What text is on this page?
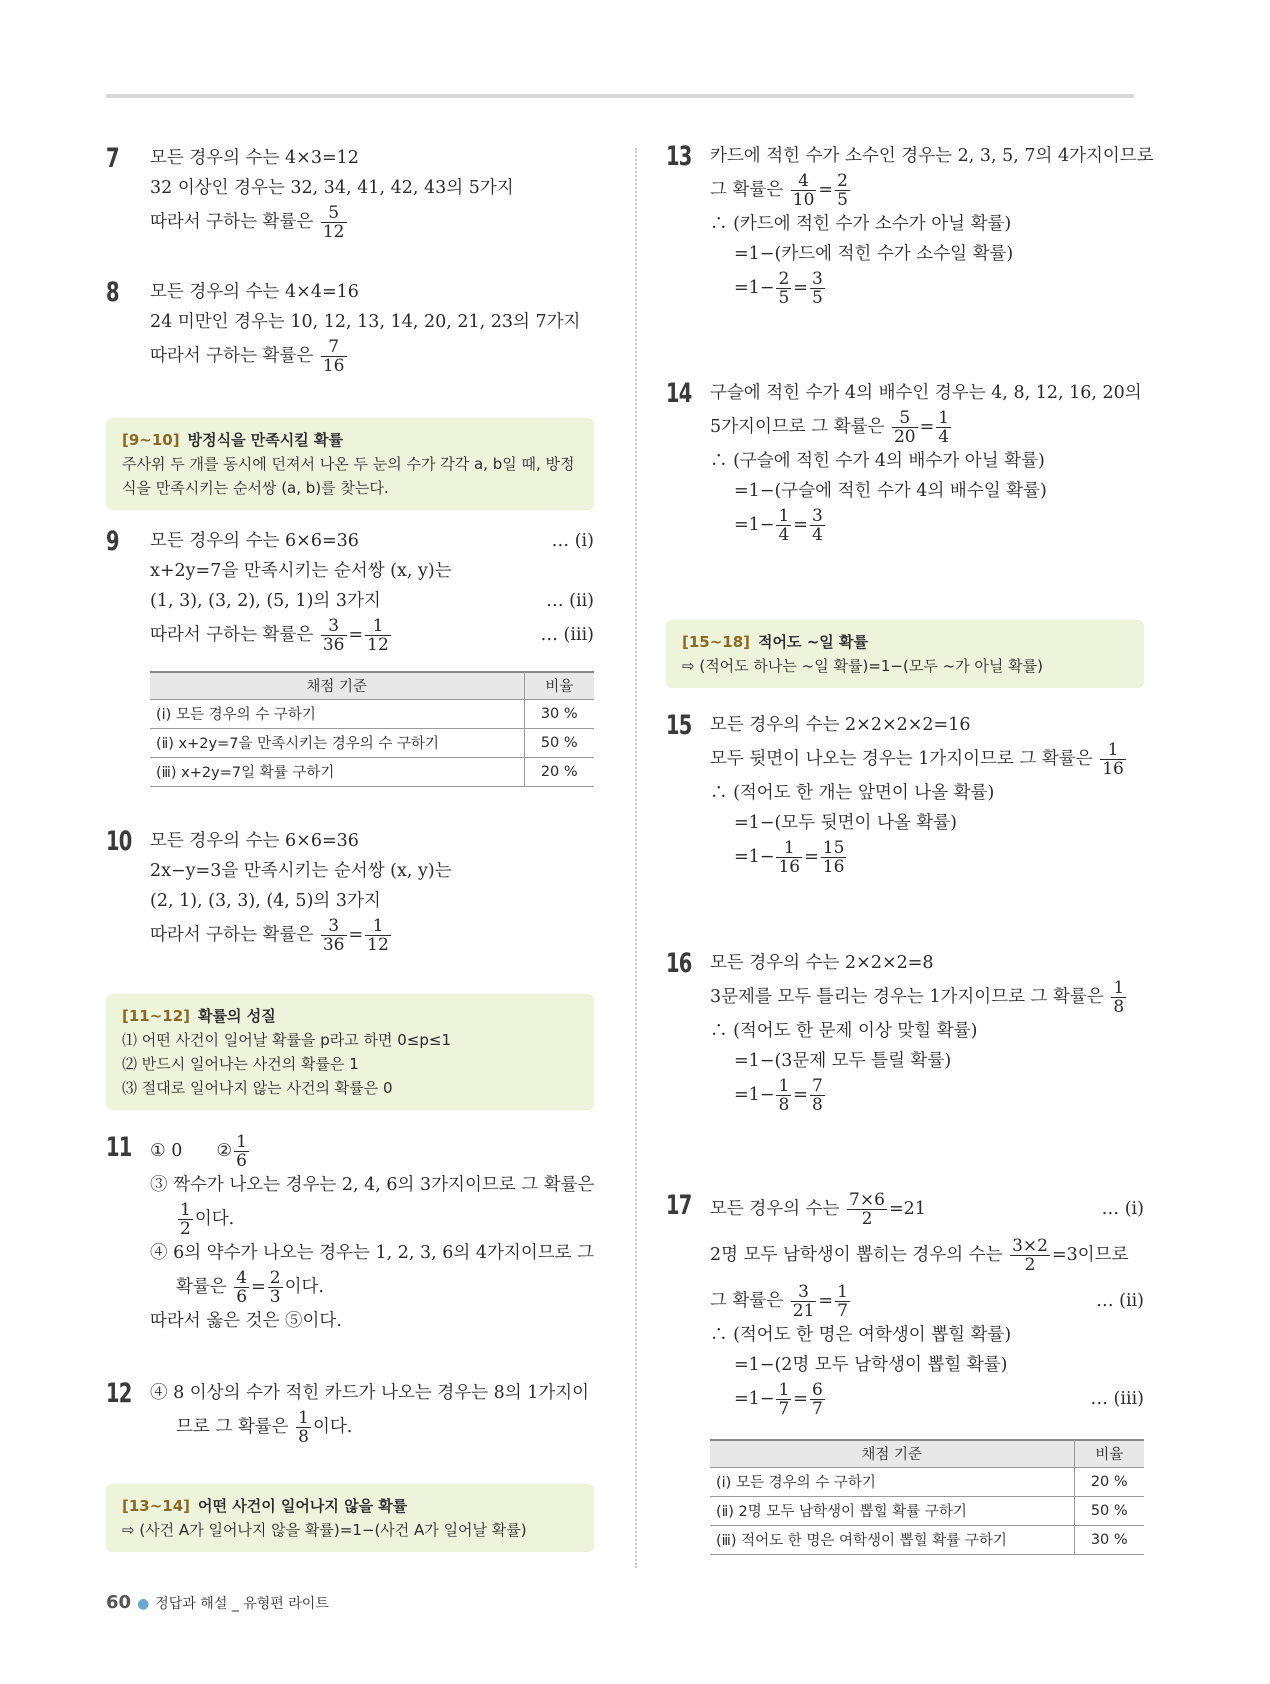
7 모든 경우의 수는 4×3=12
32 이상인 경우는 32, 34, 41, 42, 43의 5가지
따라서 구하는 확률은 $\frac{5}{12}$
8 모든 경우의 수는 4×4=16
24 미만인 경우는 10, 12, 13, 14, 20, 21, 23의 7가지
따라서 구하는 확률은 $\frac{7}{16}$
[9~10] 방정식을 만족시킬 확률
주사위 두 개를 동시에 던져서 나온 두 눈의 수가 각각 a, b일 때, 방정
식을 만족시키는 순서쌍 (a, b)를 찾는다.
9 모든 경우의 수는 6×6=36	… (ⅰ)
x+2y=7을 만족시키는 순서쌍 (x, y)는
(1, 3), (3, 2), (5, 1)의 3가지	… (ⅱ)
따라서 구하는 확률은 $\frac{3}{36} = \frac{1}{12}$	… (ⅲ)
채점 기준	비율
(ⅰ) 모든 경우의 수 구하기	30 %
(ⅱ) x+2y=7을 만족시키는 경우의 수 구하기	50 %
(ⅲ) x+2y=7일 확률 구하기	20 %
10 모든 경우의 수는 6×6=36
2x−y=3을 만족시키는 순서쌍 (x, y)는
(2, 1), (3, 3), (4, 5)의 3가지
따라서 구하는 확률은 $\frac{3}{36} = \frac{1}{12}$
[11~12] 확률의 성질
⑴ 어떤 사건이 일어날 확률을 p라고 하면 0≤p≤1
⑵ 반드시 일어나는 사건의 확률은 1
⑶ 절대로 일어나지 않는 사건의 확률은 0
11 ① 0 ② $\frac{1}{6}$
③ 짝수가 나오는 경우는 2, 4, 6의 3가지이므로 그 확률은
$\frac{1}{2}$ 이다.
④ 6의 약수가 나오는 경우는 1, 2, 3, 6의 4가지이므로 그
확률은 $\frac{4}{6} = \frac{2}{3}$ 이다.
따라서 옳은 것은 ⑤이다.
12 ④ 8 이상의 수가 적힌 카드가 나오는 경우는 8의 1가지이
므로 그 확률은 $\frac{1}{8}$ 이다.
[13~14] 어떤 사건이 일어나지 않을 확률
⇨ (사건 A가 일어나지 않을 확률)=1−(사건 A가 일어날 확률)
13 카드에 적힌 수가 소수인 경우는 2, 3, 5, 7의 4가지이므로
그 확률은 $\frac{4}{10} = \frac{2}{5}$
∴ (카드에 적힌 수가 소수가 아닐 확률)
=1−(카드에 적힌 수가 소수일 확률)
$=1- \frac{2}{5} = \frac{3}{5}$
14 구슬에 적힌 수가 4의 배수인 경우는 4, 8, 12, 16, 20의
5가지이므로 그 확률은 $\frac{5}{20} = \frac{1}{4}$
∴ (구슬에 적힌 수가 4의 배수가 아닐 확률)
=1−(구슬에 적힌 수가 4의 배수일 확률)
$=1- \frac{1}{4} = \frac{3}{4}$
[15~18] 적어도 ~일 확률
⇨ (적어도 하나는 ~일 확률)=1−(모두 ~가 아닐 확률)
15 모든 경우의 수는 2×2×2×2=16
모두 뒷면이 나오는 경우는 1가지이므로 그 확률은 $\frac{1}{16}$
∴ (적어도 한 개는 앞면이 나올 확률)
=1−(모두 뒷면이 나올 확률)
$=1- \frac{1}{16} = \frac{15}{16}$
16 모든 경우의 수는 2×2×2=8
3문제를 모두 틀리는 경우는 1가지이므로 그 확률은 $\frac{1}{8}$
∴ (적어도 한 문제 이상 맞힐 확률)
=1−(3문제 모두 틀릴 확률)
$=1- \frac{1}{8} = \frac{7}{8}$
17 모든 경우의 수는 $\frac{7\times 6}{2} =21$	… (ⅰ)
2명 모두 남학생이 뽑히는 경우의 수는 $\frac{3\times 2}{2} =3$이므로
그 확률은 $\frac{3}{21} = \frac{1}{7}$	… (ⅱ)
∴ (적어도 한 명은 여학생이 뽑힐 확률)
=1−(2명 모두 남학생이 뽑힐 확률)
$=1- \frac{1}{7} = \frac{6}{7}$	… (ⅲ)
채점 기준	비율
(ⅰ) 모든 경우의 수 구하기	20 %
(ⅱ) 2명 모두 남학생이 뽑힐 확률 구하기	50 %
(ⅲ) 적어도 한 명은 여학생이 뽑힐 확률 구하기	30 %
60 ● 정답과 해설 _ 유형편 라이트
